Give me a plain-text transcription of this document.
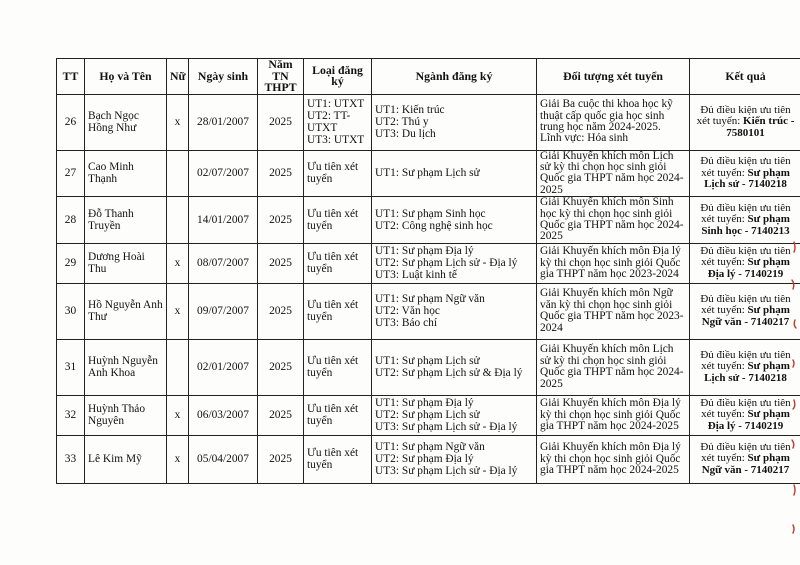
TT	Họ và Tên	Nữ	Ngày sinh	Năm TN THPT	Loại đăng ký	Ngành đăng ký	Đối tượng xét tuyển	Kết quả
26	Bạch Ngọc Hồng Như	x	28/01/2007	2025	UT1: UTXT
UT2: TT-UTXT
UT3: UTXT	UT1: Kiến trúc
UT2: Thú y
UT3: Du lịch	Giải Ba cuộc thi khoa học kỹ thuật cấp quốc gia học sinh trung học năm 2024-2025.
Lĩnh vực: Hóa sinh	Đủ điều kiện ưu tiên xét tuyển: Kiến trúc - 7580101
27	Cao Minh Thạnh		02/07/2007	2025	Ưu tiên xét tuyển	UT1: Sư phạm Lịch sử	Giải Khuyến khích môn Lịch sử kỳ thi chọn học sinh giỏi Quốc gia THPT năm học 2024-2025	Đủ điều kiện ưu tiên xét tuyển: Sư phạm Lịch sử - 7140218
28	Đỗ Thanh Truyền		14/01/2007	2025	Ưu tiên xét tuyển	UT1: Sư phạm Sinh học
UT2: Công nghệ sinh học	Giải Khuyến khích môn Sinh học kỳ thi chọn học sinh giỏi Quốc gia THPT năm học 2024-2025	Đủ điều kiện ưu tiên xét tuyển: Sư phạm Sinh học - 7140213
29	Dương Hoài Thu	x	08/07/2007	2025	Ưu tiên xét tuyển	UT1: Sư phạm Địa lý
UT2: Sư phạm Lịch sử - Địa lý
UT3: Luật kinh tế	Giải Khuyến khích môn Địa lý kỳ thi chọn học sinh giỏi Quốc gia THPT năm học 2023-2024	Đủ điều kiện ưu tiên xét tuyển: Sư phạm Địa lý - 7140219
30	Hồ Nguyễn Anh Thư	x	09/07/2007	2025	Ưu tiên xét tuyển	UT1: Sư phạm Ngữ văn
UT2: Văn học
UT3: Báo chí	Giải Khuyến khích môn Ngữ văn kỳ thi chọn học sinh giỏi Quốc gia THPT năm học 2023-2024	Đủ điều kiện ưu tiên xét tuyển: Sư phạm Ngữ văn - 7140217
31	Huỳnh Nguyễn Anh Khoa		02/01/2007	2025	Ưu tiên xét tuyển	UT1: Sư phạm Lịch sử
UT2: Sư phạm Lịch sử & Địa lý	Giải Khuyến khích môn Lịch sử kỳ thi chọn học sinh giỏi Quốc gia THPT năm học 2024-2025	Đủ điều kiện ưu tiên xét tuyển: Sư phạm Lịch sử - 7140218
32	Huỳnh Thảo Nguyên	x	06/03/2007	2025	Ưu tiên xét tuyển	UT1: Sư phạm Địa lý
UT2: Sư phạm Lịch sử
UT3: Sư phạm Lịch sử - Địa lý	Giải Khuyến khích môn Địa lý kỳ thi chọn học sinh giỏi Quốc gia THPT năm học 2024-2025	Đủ điều kiện ưu tiên xét tuyển: Sư phạm Địa lý - 7140219
33	Lê Kim Mỹ	x	05/04/2007	2025	Ưu tiên xét tuyển	UT1: Sư phạm Ngữ văn
UT2: Sư phạm Địa lý
UT3: Sư phạm Lịch sử - Địa lý	Giải Khuyến khích môn Địa lý kỳ thi chọn học sinh giỏi Quốc gia THPT năm học 2024-2025	Đủ điều kiện ưu tiên xét tuyển: Sư phạm Ngữ văn - 7140217
